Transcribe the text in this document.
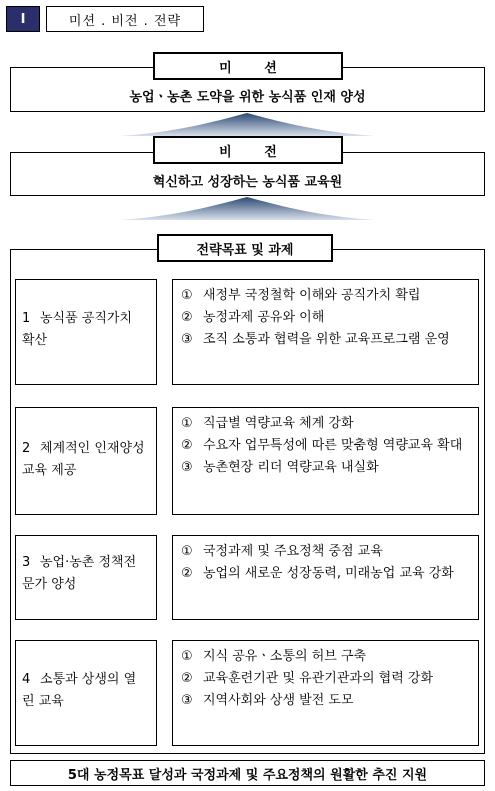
I	미션 . 비전 . 전략
농업ㆍ농촌 도약을 위한 농식품 인재 양성
미 션
혁신하고 성장하는 농식품 교육원
비 전
전략목표 및 과제
1 농식품 공직가치 확산
① 새정부 국정철학 이해와 공직가치 확립
② 농정과제 공유와 이해
③ 조직 소통과 협력을 위한 교육프로그램 운영
2 체계적인 인재양성 교육 제공
① 직급별 역량교육 체계 강화
② 수요자 업무특성에 따른 맞춤형 역량교육 확대
③ 농촌현장 리더 역량교육 내실화
3 농업·농촌 정책전문가 양성
① 국정과제 및 주요정책 중점 교육
② 농업의 새로운 성장동력, 미래농업 교육 강화
4 소통과 상생의 열린 교육
① 지식 공유ㆍ소통의 허브 구축
② 교육훈련기관 및 유관기관과의 협력 강화
③ 지역사회와 상생 발전 도모
5대 농정목표 달성과 국정과제 및 주요정책의 원활한 추진 지원
